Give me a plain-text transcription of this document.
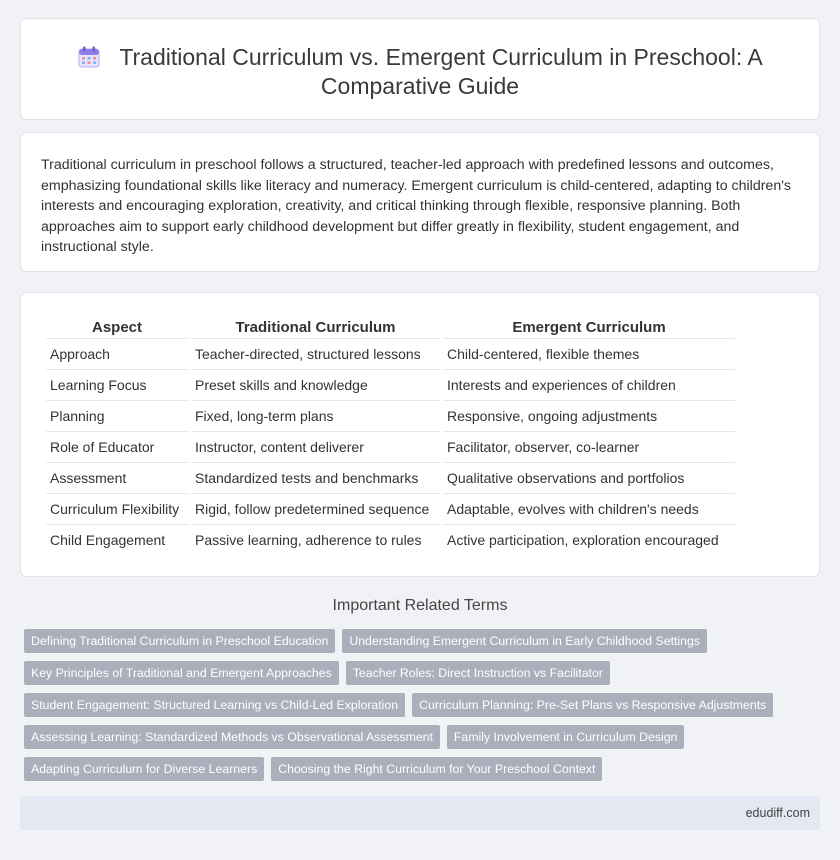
Traditional Curriculum vs. Emergent Curriculum in Preschool: A Comparative Guide

Traditional curriculum in preschool follows a structured, teacher-led approach with predefined lessons and outcomes, emphasizing foundational skills like literacy and numeracy. Emergent curriculum is child-centered, adapting to children's interests and encouraging exploration, creativity, and critical thinking through flexible, responsive planning. Both approaches aim to support early childhood development but differ greatly in flexibility, student engagement, and instructional style.

Aspect	Traditional Curriculum	Emergent Curriculum
Approach	Teacher-directed, structured lessons	Child-centered, flexible themes
Learning Focus	Preset skills and knowledge	Interests and experiences of children
Planning	Fixed, long-term plans	Responsive, ongoing adjustments
Role of Educator	Instructor, content deliverer	Facilitator, observer, co-learner
Assessment	Standardized tests and benchmarks	Qualitative observations and portfolios
Curriculum Flexibility	Rigid, follow predetermined sequence	Adaptable, evolves with children's needs
Child Engagement	Passive learning, adherence to rules	Active participation, exploration encouraged
Important Related Terms
Defining Traditional Curriculum in Preschool Education	Understanding Emergent Curriculum in Early Childhood Settings
Key Principles of Traditional and Emergent Approaches	Teacher Roles: Direct Instruction vs Facilitator
Student Engagement: Structured Learning vs Child-Led Exploration	Curriculum Planning: Pre-Set Plans vs Responsive Adjustments
Assessing Learning: Standardized Methods vs Observational Assessment	Family Involvement in Curriculum Design
Adapting Curriculum for Diverse Learners	Choosing the Right Curriculum for Your Preschool Context
edudiff.com
